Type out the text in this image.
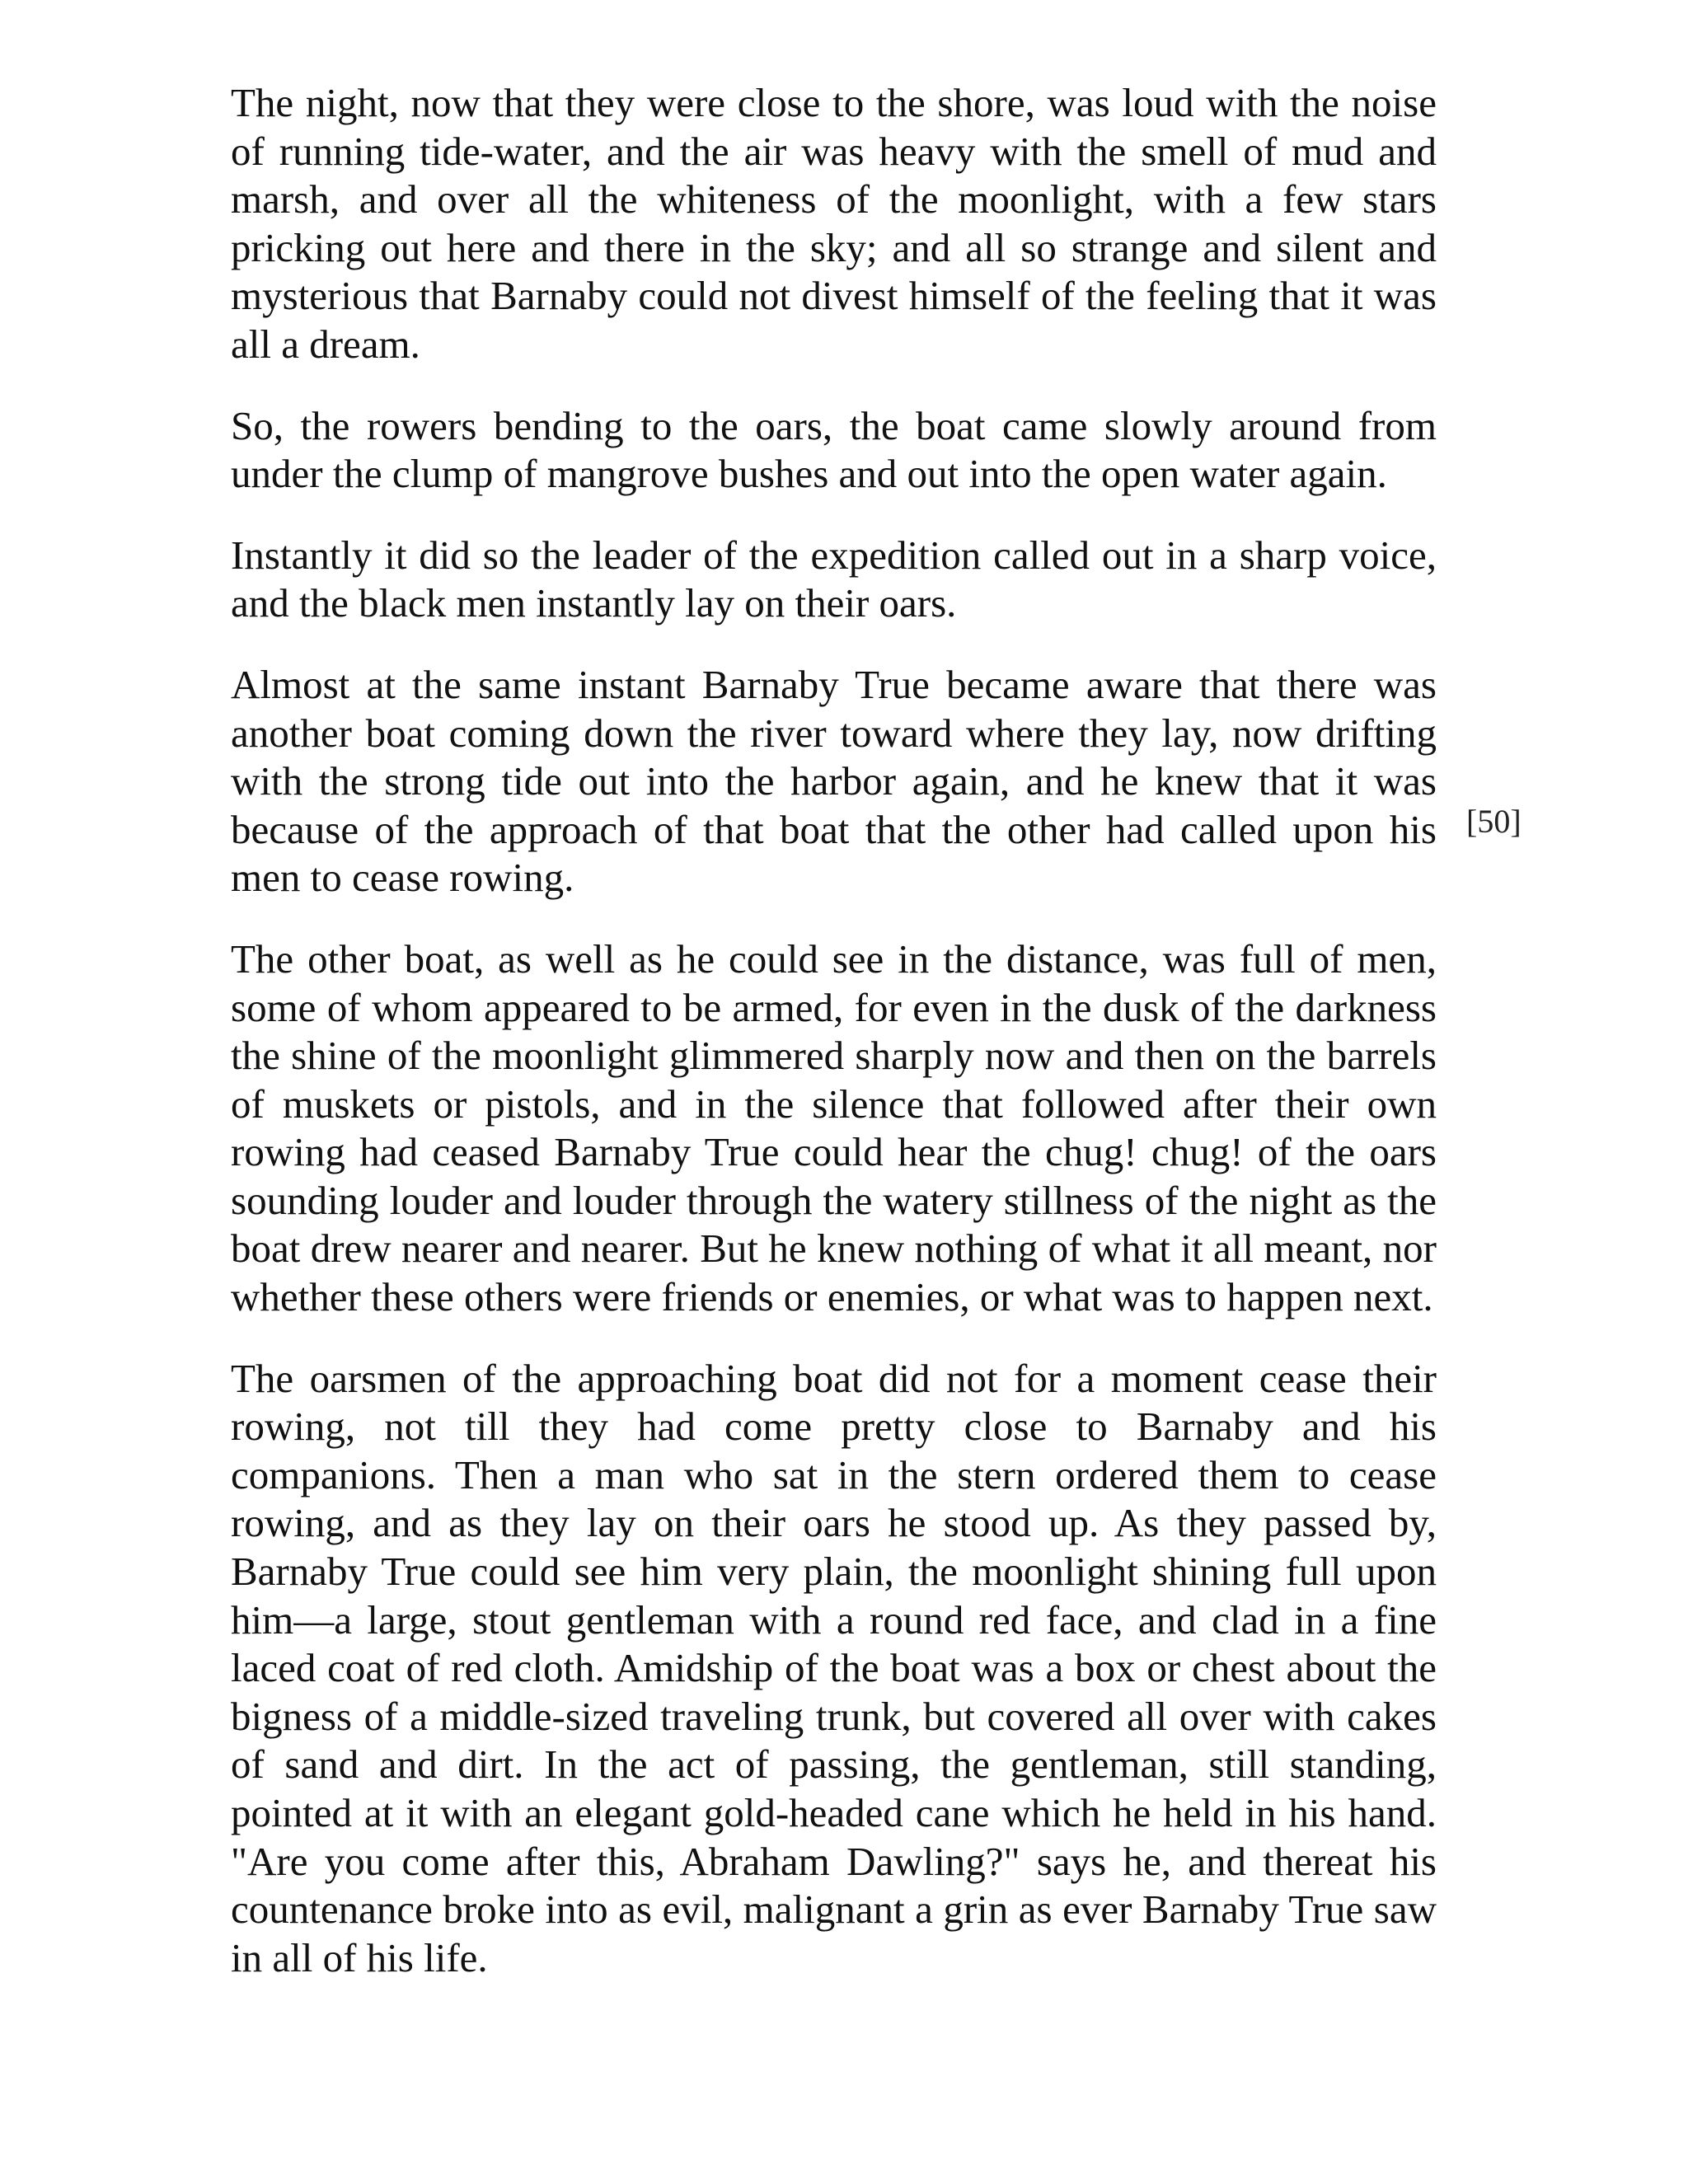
The night, now that they were close to the shore, was loud with the noise of running tide-water, and the air was heavy with the smell of mud and marsh, and over all the whiteness of the moonlight, with a few stars pricking out here and there in the sky; and all so strange and silent and mysterious that Barnaby could not divest himself of the feeling that it was all a dream.

So, the rowers bending to the oars, the boat came slowly around from under the clump of mangrove bushes and out into the open water again.

Instantly it did so the leader of the expedition called out in a sharp voice, and the black men instantly lay on their oars.

Almost at the same instant Barnaby True became aware that there was another boat coming down the river toward where they lay, now drifting with the strong tide out into the harbor again, and he knew that it was because of the approach of that boat that the other had called upon his men to cease rowing.

The other boat, as well as he could see in the distance, was full of men, some of whom appeared to be armed, for even in the dusk of the darkness the shine of the moonlight glimmered sharply now and then on the barrels of muskets or pistols, and in the silence that followed after their own rowing had ceased Barnaby True could hear the chug! chug! of the oars sounding louder and louder through the watery stillness of the night as the boat drew nearer and nearer. But he knew nothing of what it all meant, nor whether these others were friends or enemies, or what was to happen next.

The oarsmen of the approaching boat did not for a moment cease their rowing, not till they had come pretty close to Barnaby and his companions. Then a man who sat in the stern ordered them to cease rowing, and as they lay on their oars he stood up. As they passed by, Barnaby True could see him very plain, the moonlight shining full upon him—a large, stout gentleman with a round red face, and clad in a fine laced coat of red cloth. Amidship of the boat was a box or chest about the bigness of a middle-sized traveling trunk, but covered all over with cakes of sand and dirt. In the act of passing, the gentleman, still standing, pointed at it with an elegant gold-headed cane which he held in his hand. "Are you come after this, Abraham Dawling?" says he, and thereat his countenance broke into as evil, malignant a grin as ever Barnaby True saw in all of his life.

[50]
